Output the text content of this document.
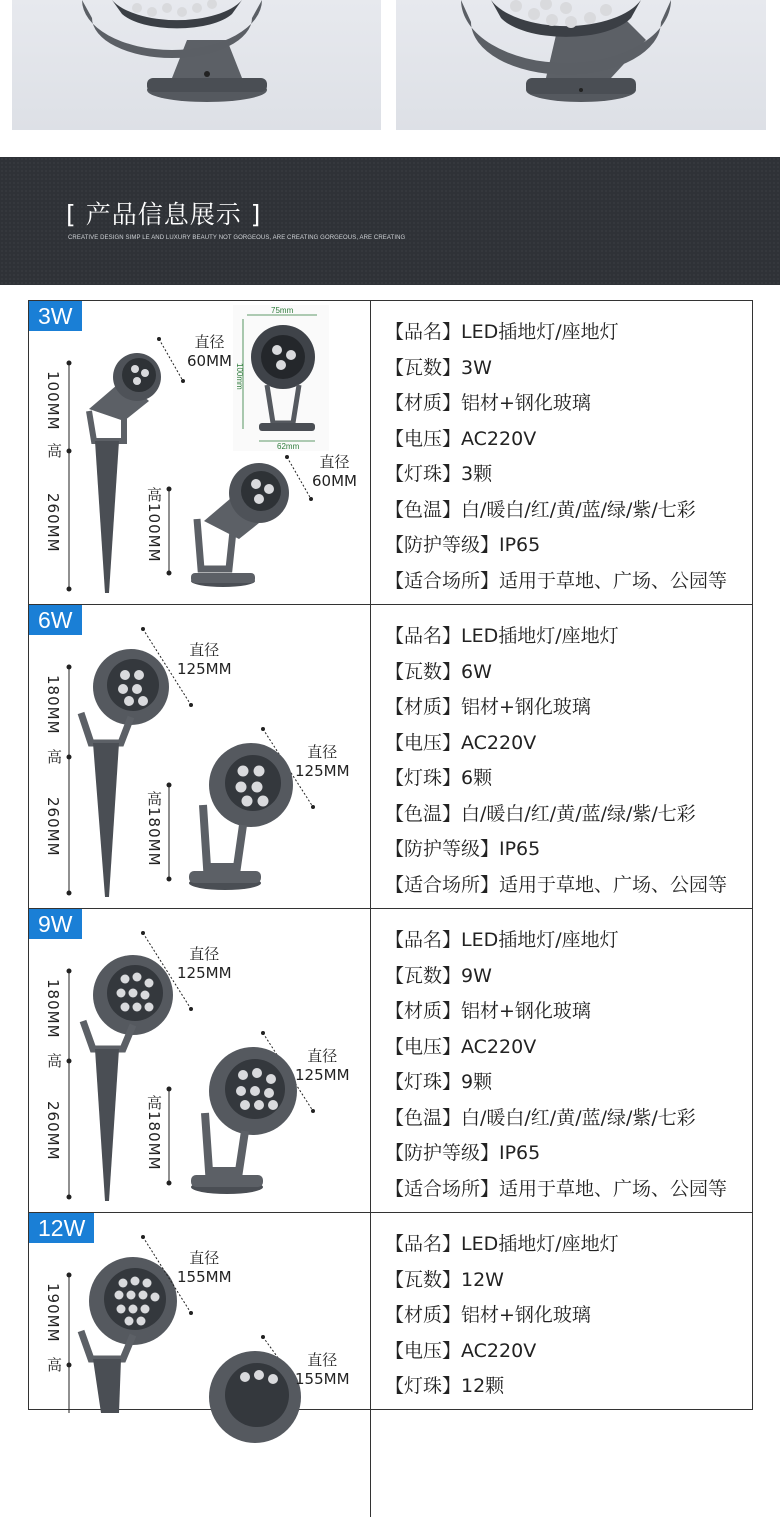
[ 产品信息展示 ]
CREATIVE DESIGN SIMP LE AND LUXURY BEAUTY NOT GORGEOUS, ARE CREATING GORGEOUS, ARE CREATING
3W
100MM
高
260MM
直径
60MM
直径
60MM
高100MM
75mm
100mm
62mm
【品名】LED插地灯/座地灯
【瓦数】3W
【材质】铝材+钢化玻璃
【电压】AC220V
【灯珠】3颗
【色温】白/暖白/红/黄/蓝/绿/紫/七彩
【防护等级】IP65
【适合场所】适用于草地、广场、公园等
6W
180MM
高
260MM
直径
125MM
直径
125MM
高180MM
【品名】LED插地灯/座地灯
【瓦数】6W
【材质】铝材+钢化玻璃
【电压】AC220V
【灯珠】6颗
【色温】白/暖白/红/黄/蓝/绿/紫/七彩
【防护等级】IP65
【适合场所】适用于草地、广场、公园等
9W
180MM
高
260MM
直径
125MM
直径
125MM
高180MM
【品名】LED插地灯/座地灯
【瓦数】9W
【材质】铝材+钢化玻璃
【电压】AC220V
【灯珠】9颗
【色温】白/暖白/红/黄/蓝/绿/紫/七彩
【防护等级】IP65
【适合场所】适用于草地、广场、公园等
12W
190MM
高
直径
155MM
直径
155MM
【品名】LED插地灯/座地灯
【瓦数】12W
【材质】铝材+钢化玻璃
【电压】AC220V
【灯珠】12颗
